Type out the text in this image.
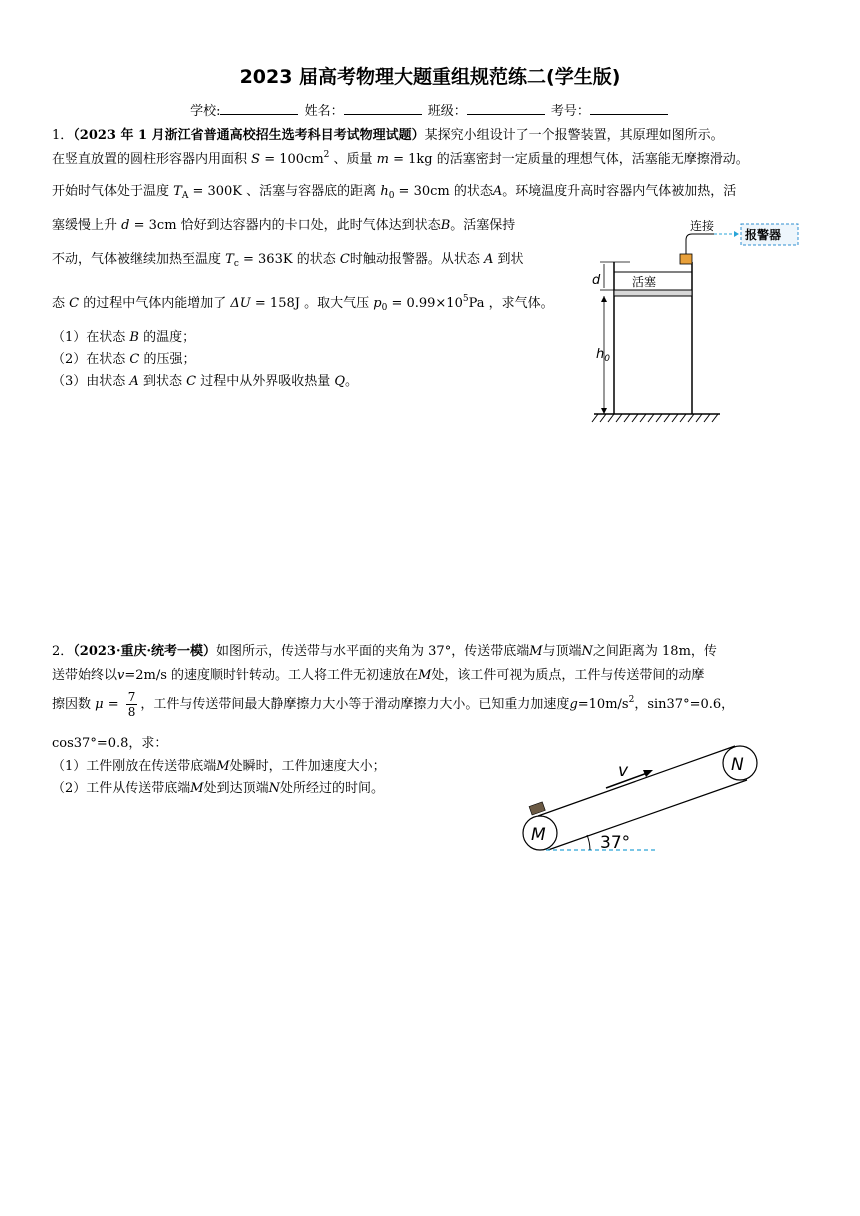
2023 届高考物理大题重组规范练二(学生版)
学校:	姓名：	班级：	考号：
1．（2023 年 1 月浙江省普通高校招生选考科目考试物理试题）某探究小组设计了一个报警装置，其原理如图所示。
在竖直放置的圆柱形容器内用面积 $S = 100cm^2$ 、质量 m = 1kg 的活塞密封一定质量的理想气体，活塞能无摩擦滑动。
开始时气体处于温度 $T_A = 300K$ 、活塞与容器底的距离 $h_0 = 30cm$ 的状态A。环境温度升高时容器内气体被加热，活
塞缓慢上升 d = 3cm 恰好到达容器内的卡口处，此时气体达到状态B。活塞保持
不动，气体被继续加热至温度 $T_c = 363K$ 的状态 C时触动报警器。从状态 A 到状
态 C 的过程中气体内能增加了 ΔU = 158J 。取大气压 $p_0 = 0.99\times 10^5Pa$ ，求气体。
（1）在状态 B 的温度；
（2）在状态 C 的压强；
（3）由状态 A 到状态 C 过程中从外界吸收热量 Q。
活塞
连接
报警器
d
$h_0$
2．（2023·重庆·统考一模）如图所示，传送带与水平面的夹角为 37°，传送带底端M与顶端N之间距离为 18m，传
送带始终以v=2m/s 的速度顺时针转动。工人将工件无初速放在M处，该工件可视为质点，工件与传送带间的动摩
擦因数 $\mu = \frac{7}{8}$ ，工件与传送带间最大静摩擦力大小等于滑动摩擦力大小。已知重力加速度$g=10m/s^2$，sin37°=0.6，
cos37°=0.8，求：
（1）工件刚放在传送带底端M处瞬时，工件加速度大小；
（2）工件从传送带底端M处到达顶端N处所经过的时间。
M
N
v
37°
